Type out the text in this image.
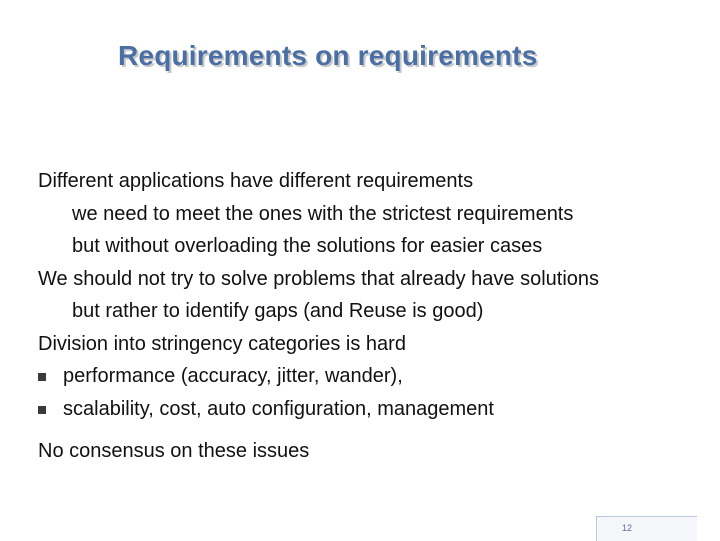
Requirements on requirements
Different applications have different requirements
we need to meet the ones with the strictest requirements
but without overloading the solutions for easier cases
We should not try to solve problems that already have solutions
but rather to identify gaps (and Reuse is good)
Division into stringency categories is hard
performance (accuracy, jitter, wander),
scalability, cost, auto configuration, management
No consensus on these issues
12
